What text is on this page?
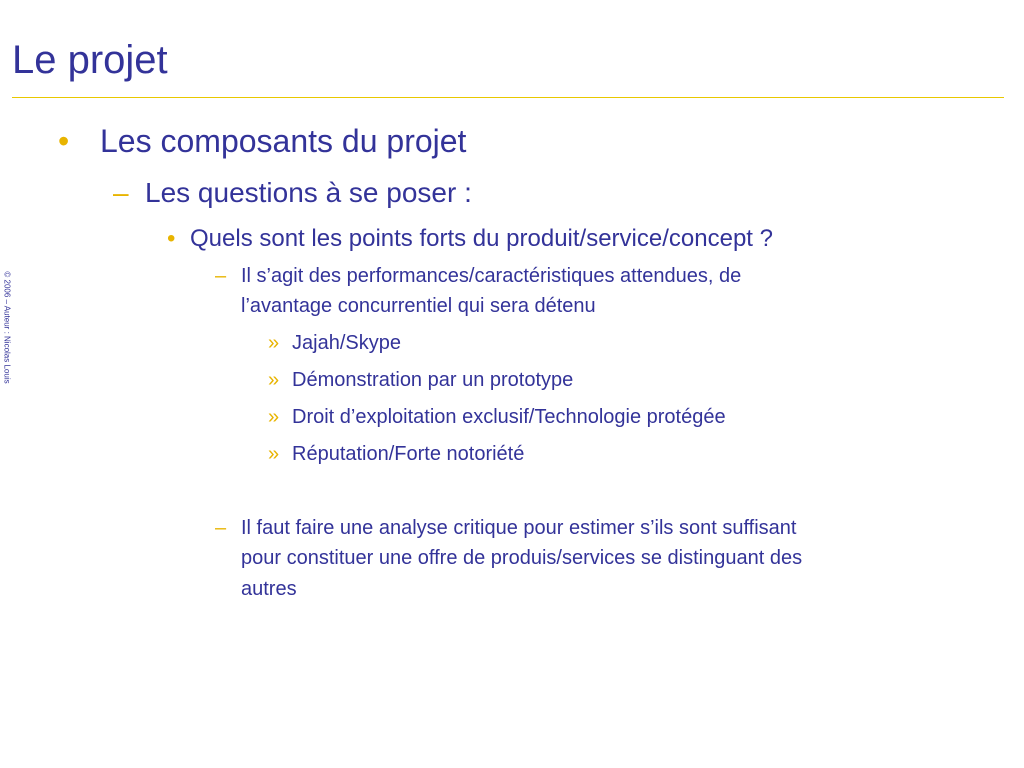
© 2006 – Auteur : Nicolas Louis
Le projet
• Les composants du projet
– Les questions à se poser :
• Quels sont les points forts du produit/service/concept ?
– Il s’agit des performances/caractéristiques attendues, de
l’avantage concurrentiel qui sera détenu
» Jajah/Skype
» Démonstration par un prototype
» Droit d’exploitation exclusif/Technologie protégée
» Réputation/Forte notoriété
– Il faut faire une analyse critique pour estimer s’ils sont suffisant
pour constituer une offre de produis/services se distinguant des
autres
